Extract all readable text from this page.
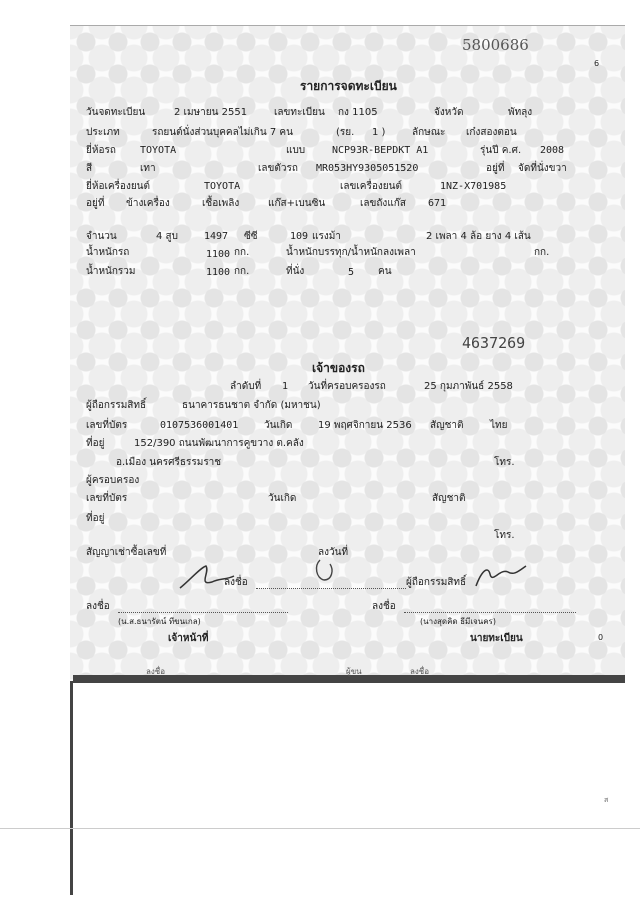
5800686
6
รายการจดทะเบียน
วันจดทะเบียน	2 เมษายน 2551	เลขทะเบียน กง 1105	จังหวัด	พัทลุง
ประเภท	รถยนต์นั่งส่วนบุคคลไม่เกิน 7 คน	(รย. 1 )	ลักษณะ เก๋งสองตอน
ยี่ห้อรถ TOYOTA	แบบ	NCP93R-BEPDKT A1	รุ่นปี ค.ศ. 2008
สี	เทา	เลขตัวรถ MR053HY9305051520	อยู่ที่ จัดที่นั่งขวา
ยี่ห้อเครื่องยนต์	TOYOTA	เลขเครื่องยนต์	1NZ-X701985
อยู่ที่ ข้างเครื่อง	เชื้อเพลิง	แก๊ส+เบนซิน	เลขถังแก๊ส 671
จำนวน	4 สูบ	1497 ซีซี	109 แรงม้า	2 เพลา 4 ล้อ ยาง 4 เส้น
น้ำหนักรถ	1100 กก.	น้ำหนักบรรทุก/น้ำหนักลงเพลา	กก.
น้ำหนักรวม	1100 กก.	ที่นั่ง	5 คน
4637269
เจ้าของรถ
ลำดับที่ 1 วันที่ครอบครองรถ	25 กุมภาพันธ์ 2558
ผู้ถือกรรมสิทธิ์	ธนาคารธนชาต จำกัด (มหาชน)
เลขที่บัตร	0107536001401	วันเกิด	19 พฤศจิกายน 2536 สัญชาติ	ไทย
ที่อยู่	152/390 ถนนพัฒนาการคูขวาง ต.คลัง
อ.เมือง นครศรีธรรมราช	โทร.
ผู้ครอบครอง
เลขที่บัตร	วันเกิด	สัญชาติ
ที่อยู่
โทร.
สัญญาเช่าซื้อเลขที่	ลงวันที่
ลงชื่อ	ผู้ถือกรรมสิทธิ์
ลงชื่อ
(น.ส.ธนารัตน์ ทีขนเกล)
เจ้าหน้าที่
ลงชื่อ
(นางสุดคิด ธีมีเจนคร)
นายทะเบียน	0
ลงชื่อ	ผู้ขน	ลงชื่อ
ส
